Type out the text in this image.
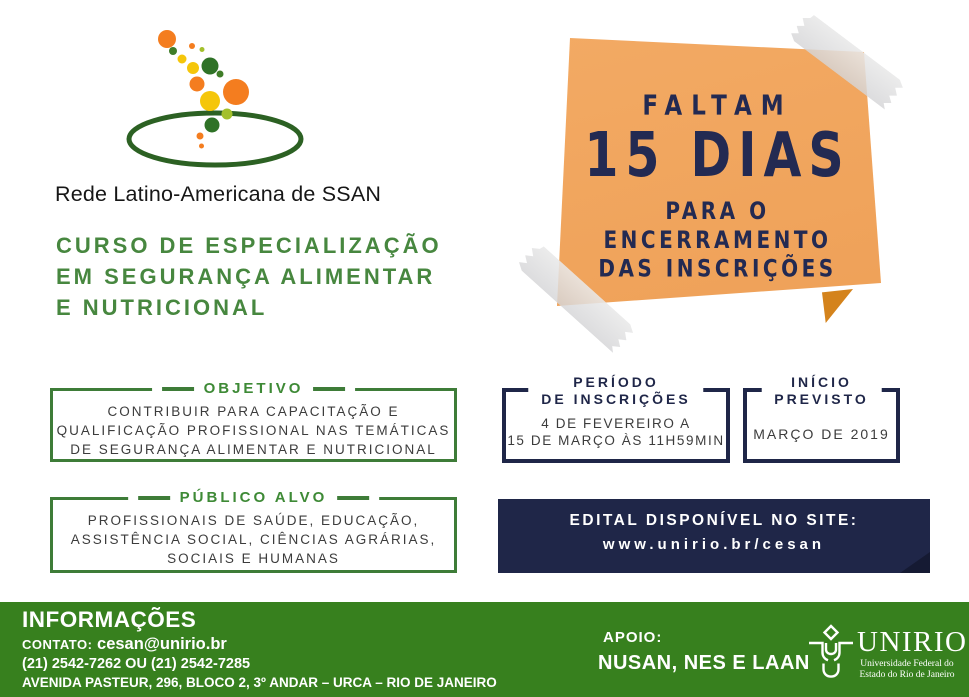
Rede Latino-Americana de SSAN
CURSO DE ESPECIALIZAÇÃO
EM SEGURANÇA ALIMENTAR
E NUTRICIONAL
FALTAM
15 DIAS
PARA O ENCERRAMENTO
DAS INSCRIÇÕES
OBJETIVO
CONTRIBUIR PARA CAPACITAÇÃO E
QUALIFICAÇÃO PROFISSIONAL NAS TEMÁTICAS
DE SEGURANÇA ALIMENTAR E NUTRICIONAL
PÚBLICO ALVO
PROFISSIONAIS DE SAÚDE, EDUCAÇÃO,
ASSISTÊNCIA SOCIAL, CIÊNCIAS AGRÁRIAS,
SOCIAIS E HUMANAS
PERÍODO
DE INSCRIÇÕES
4 DE FEVEREIRO A
15 DE MARÇO ÀS 11H59MIN
INÍCIO
PREVISTO
MARÇO DE 2019
EDITAL DISPONÍVEL NO SITE:
www.unirio.br/cesan
INFORMAÇÕES
CONTATO: cesan@unirio.br
(21) 2542-7262 OU (21) 2542-7285
AVENIDA PASTEUR, 296, BLOCO 2, 3º ANDAR – URCA – RIO DE JANEIRO
APOIO:
NUSAN, NES E LAAN
UNIRIO
Universidade Federal do
Estado do Rio de Janeiro
